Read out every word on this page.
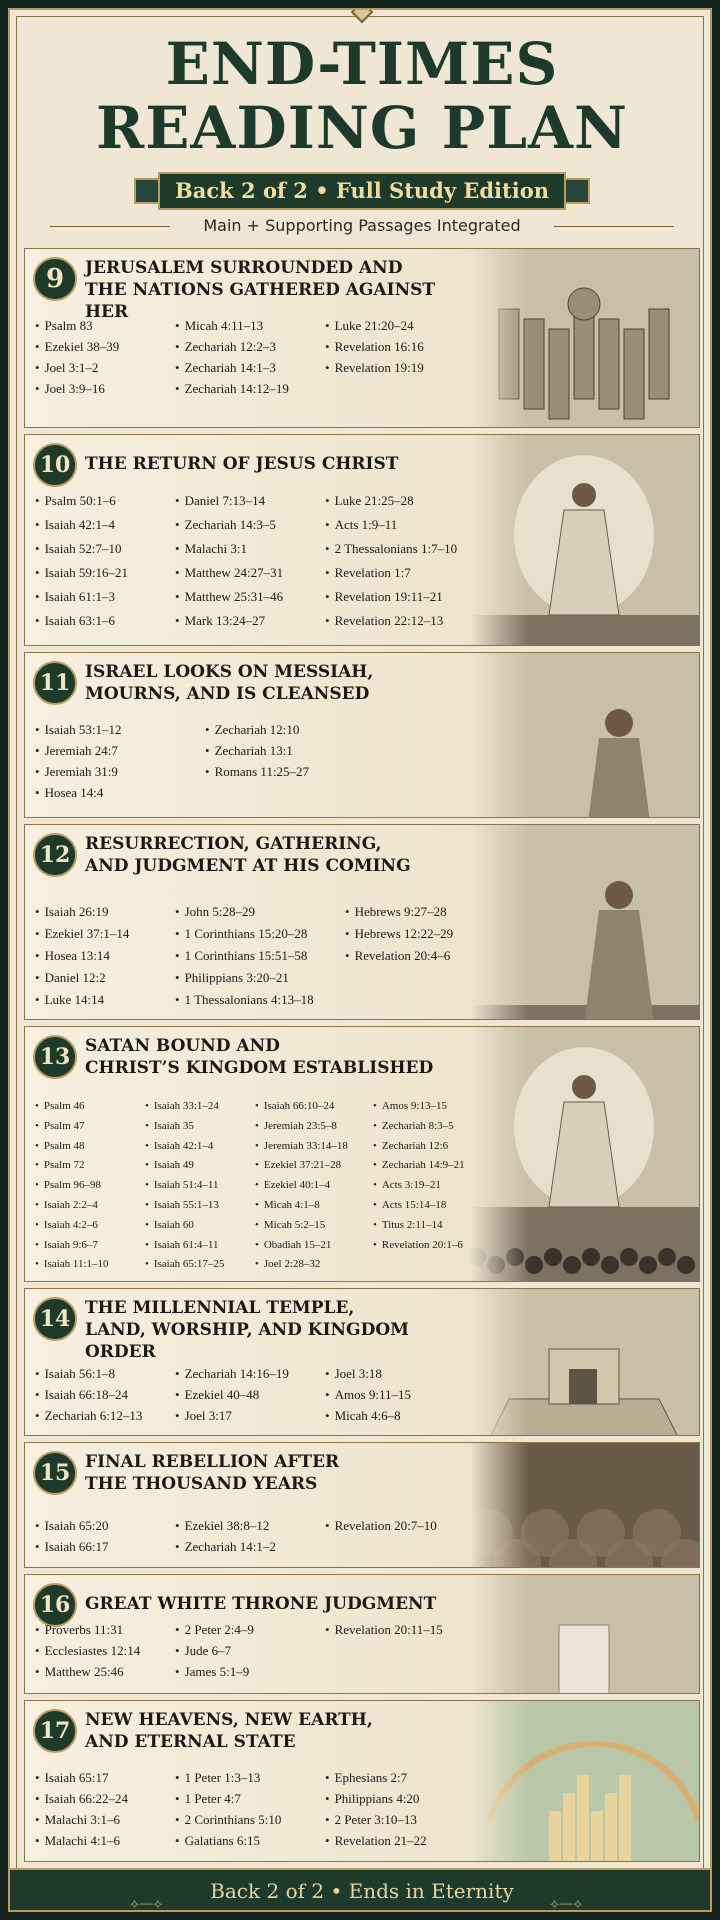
END-TIMES
READING PLAN
Back 2 of 2 • Full Study Edition
Main + Supporting Passages Integrated
9	JERUSALEM SURROUNDED AND
THE NATIONS GATHERED AGAINST HER
• Psalm 83
• Ezekiel 38–39
• Joel 3:1–2
• Joel 3:9–16
• Micah 4:11–13
• Zechariah 12:2–3
• Zechariah 14:1–3
• Zechariah 14:12–19
• Luke 21:20–24
• Revelation 16:16
• Revelation 19:19
10 THE RETURN OF JESUS CHRIST
• Psalm 50:1–6
• Isaiah 42:1–4
• Isaiah 52:7–10
• Isaiah 59:16–21
• Isaiah 61:1–3
• Isaiah 63:1–6
• Daniel 7:13–14
• Zechariah 14:3–5
• Malachi 3:1
• Matthew 24:27–31
• Matthew 25:31–46
• Mark 13:24–27
• Luke 21:25–28
• Acts 1:9–11
• 2 Thessalonians 1:7–10
• Revelation 1:7
• Revelation 19:11–21
• Revelation 22:12–13
11 ISRAEL LOOKS ON MESSIAH,
MOURNS, AND IS CLEANSED
• Isaiah 53:1–12
• Jeremiah 24:7
• Jeremiah 31:9
• Hosea 14:4
• Zechariah 12:10
• Zechariah 13:1
• Romans 11:25–27
12 RESURRECTION, GATHERING,
AND JUDGMENT AT HIS COMING
• Isaiah 26:19
• Ezekiel 37:1–14
• Hosea 13:14
• Daniel 12:2
• Luke 14:14
• John 5:28–29
• 1 Corinthians 15:20–28
• 1 Corinthians 15:51–58
• Philippians 3:20–21
• 1 Thessalonians 4:13–18
• Hebrews 9:27–28
• Hebrews 12:22–29
• Revelation 20:4–6
13 SATAN BOUND AND
CHRIST’S KINGDOM ESTABLISHED
• Psalm 46
• Psalm 47
• Psalm 48
• Psalm 72
• Psalm 96–98
• Isaiah 2:2–4
• Isaiah 4:2–6
• Isaiah 9:6–7
• Isaiah 11:1–10
• Isaiah 33:1–24
• Isaiah 35
• Isaiah 42:1–4
• Isaiah 49
• Isaiah 51:4–11
• Isaiah 55:1–13
• Isaiah 60
• Isaiah 61:4–11
• Isaiah 65:17–25
• Isaiah 66:10–24
• Jeremiah 23:5–8
• Jeremiah 33:14–18
• Ezekiel 37:21–28
• Ezekiel 40:1–4
• Micah 4:1–8
• Micah 5:2–15
• Obadiah 15–21
• Joel 2:28–32
• Amos 9:13–15
• Zechariah 8:3–5
• Zechariah 12:6
• Zechariah 14:9–21
• Acts 3:19–21
• Acts 15:14–18
• Titus 2:11–14
• Revelation 20:1–6
14 THE MILLENNIAL TEMPLE,
LAND, WORSHIP, AND KINGDOM ORDER
• Isaiah 56:1–8
• Isaiah 66:18–24
• Zechariah 6:12–13
• Zechariah 14:16–19
• Ezekiel 40–48
• Joel 3:17
• Joel 3:18
• Amos 9:11–15
• Micah 4:6–8
15 FINAL REBELLION AFTER
THE THOUSAND YEARS
• Isaiah 65:20
• Isaiah 66:17
• Ezekiel 38:8–12
• Zechariah 14:1–2
• Revelation 20:7–10
16 GREAT WHITE THRONE JUDGMENT
• Proverbs 11:31
• Ecclesiastes 12:14
• Matthew 25:46
• 2 Peter 2:4–9
• Jude 6–7
• James 5:1–9
• Revelation 20:11–15
17 NEW HEAVENS, NEW EARTH,
AND ETERNAL STATE
• Isaiah 65:17
• Isaiah 66:22–24
• Malachi 3:1–6
• Malachi 4:1–6
• 1 Peter 1:3–13
• 1 Peter 4:7
• 2 Corinthians 5:10
• Galatians 6:15
• Ephesians 2:7
• Philippians 4:20
• 2 Peter 3:10–13
• Revelation 21–22
⟡—⟡
Back 2 of 2 • Ends in Eternity
⟡—⟡
